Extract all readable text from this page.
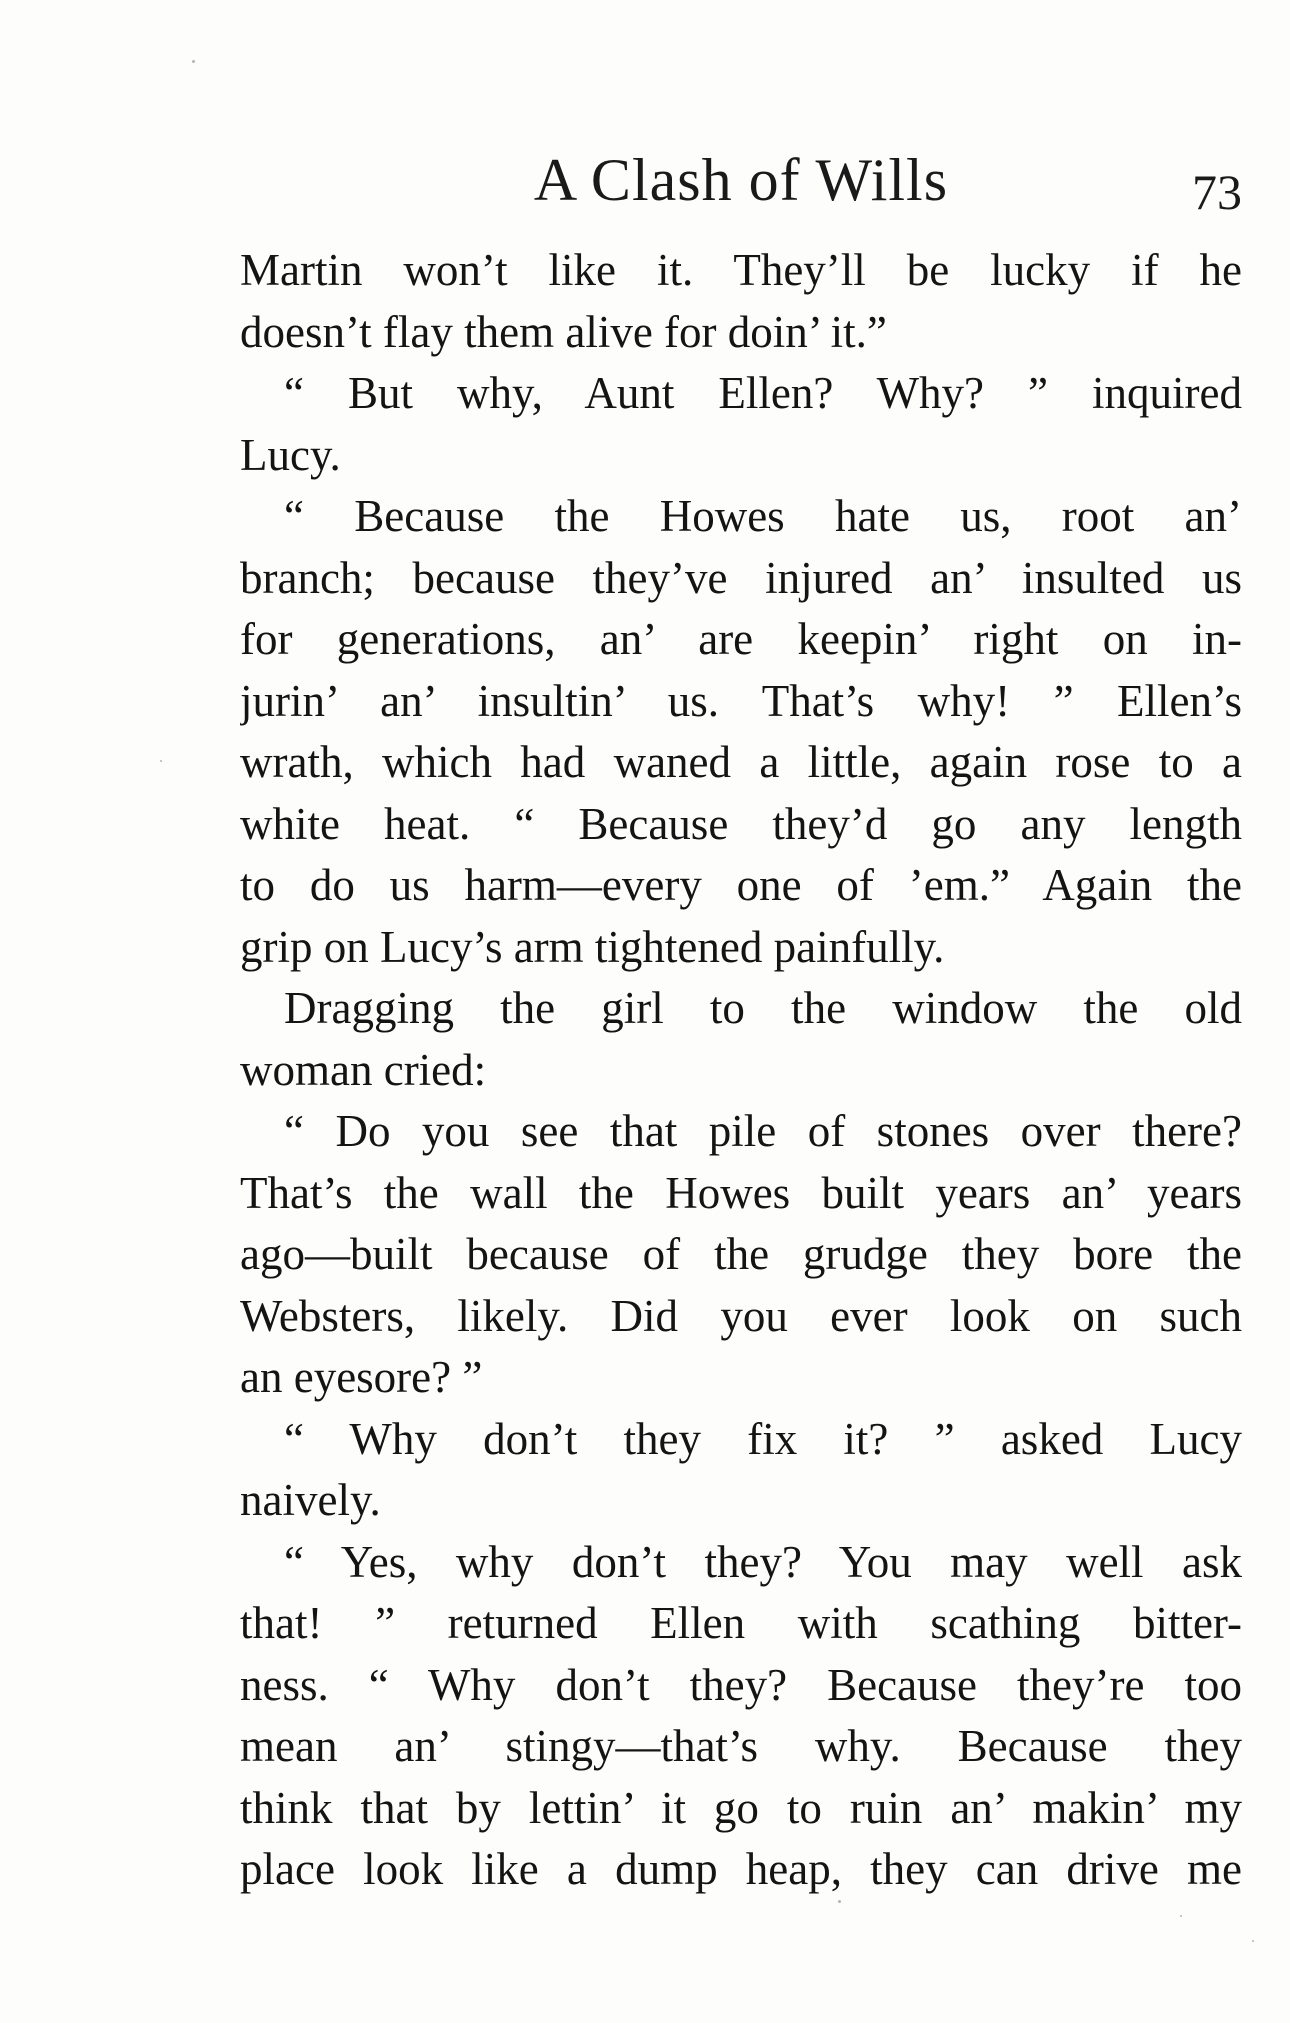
A Clash of Wills	73
Martin won’t like it. They’ll be lucky if he
doesn’t flay them alive for doin’ it.”
“ But why, Aunt Ellen? Why? ” inquired
Lucy.
“ Because the Howes hate us, root an’
branch; because they’ve injured an’ insulted us
for generations, an’ are keepin’ right on in-
jurin’ an’ insultin’ us. That’s why! ” Ellen’s
wrath, which had waned a little, again rose to a
white heat. “ Because they’d go any length
to do us harm—every one of ’em.” Again the
grip on Lucy’s arm tightened painfully.
Dragging the girl to the window the old
woman cried:
“ Do you see that pile of stones over there?
That’s the wall the Howes built years an’ years
ago—built because of the grudge they bore the
Websters, likely. Did you ever look on such
an eyesore? ”
“ Why don’t they fix it? ” asked Lucy
naively.
“ Yes, why don’t they? You may well ask
that! ” returned Ellen with scathing bitter-
ness. “ Why don’t they? Because they’re too
mean an’ stingy—that’s why. Because they
think that by lettin’ it go to ruin an’ makin’ my
place look like a dump heap, they can drive me
